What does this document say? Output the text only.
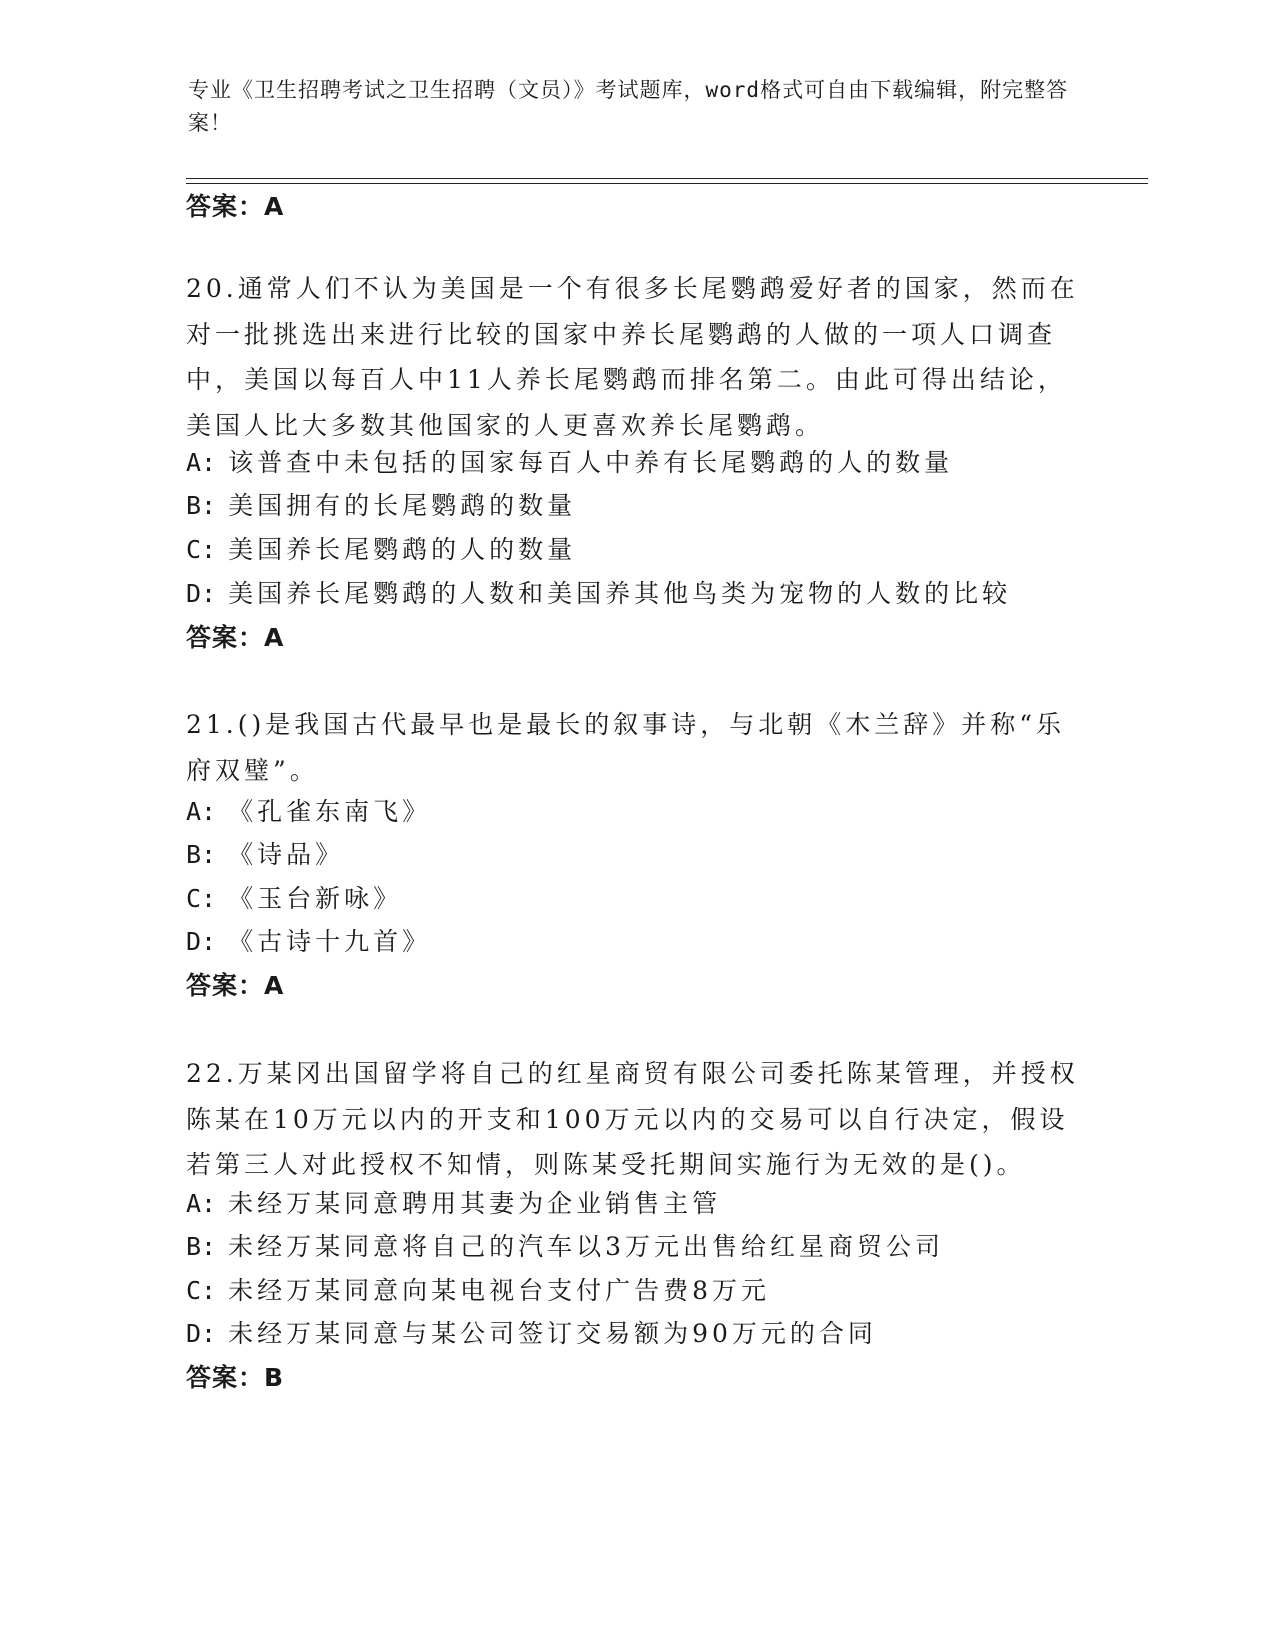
专业《卫生招聘考试之卫生招聘（文员）》考试题库，word格式可自由下载编辑，附完整答案！
答案：A
20.通常人们不认为美国是一个有很多长尾鹦鹉爱好者的国家，然而在对一批挑选出来进行比较的国家中养长尾鹦鹉的人做的一项人口调查中，美国以每百人中11人养长尾鹦鹉而排名第二。由此可得出结论，美国人比大多数其他国家的人更喜欢养长尾鹦鹉。
A: 该普查中未包括的国家每百人中养有长尾鹦鹉的人的数量
B: 美国拥有的长尾鹦鹉的数量
C: 美国养长尾鹦鹉的人的数量
D: 美国养长尾鹦鹉的人数和美国养其他鸟类为宠物的人数的比较
答案：A
21.()是我国古代最早也是最长的叙事诗，与北朝《木兰辞》并称“乐府双璧”。
A: 《孔雀东南飞》
B: 《诗品》
C: 《玉台新咏》
D: 《古诗十九首》
答案：A
22.万某冈出国留学将自己的红星商贸有限公司委托陈某管理，并授权陈某在10万元以内的开支和100万元以内的交易可以自行决定，假设若第三人对此授权不知情，则陈某受托期间实施行为无效的是()。
A: 未经万某同意聘用其妻为企业销售主管
B: 未经万某同意将自己的汽车以3万元出售给红星商贸公司
C: 未经万某同意向某电视台支付广告费8万元
D: 未经万某同意与某公司签订交易额为90万元的合同
答案：B
